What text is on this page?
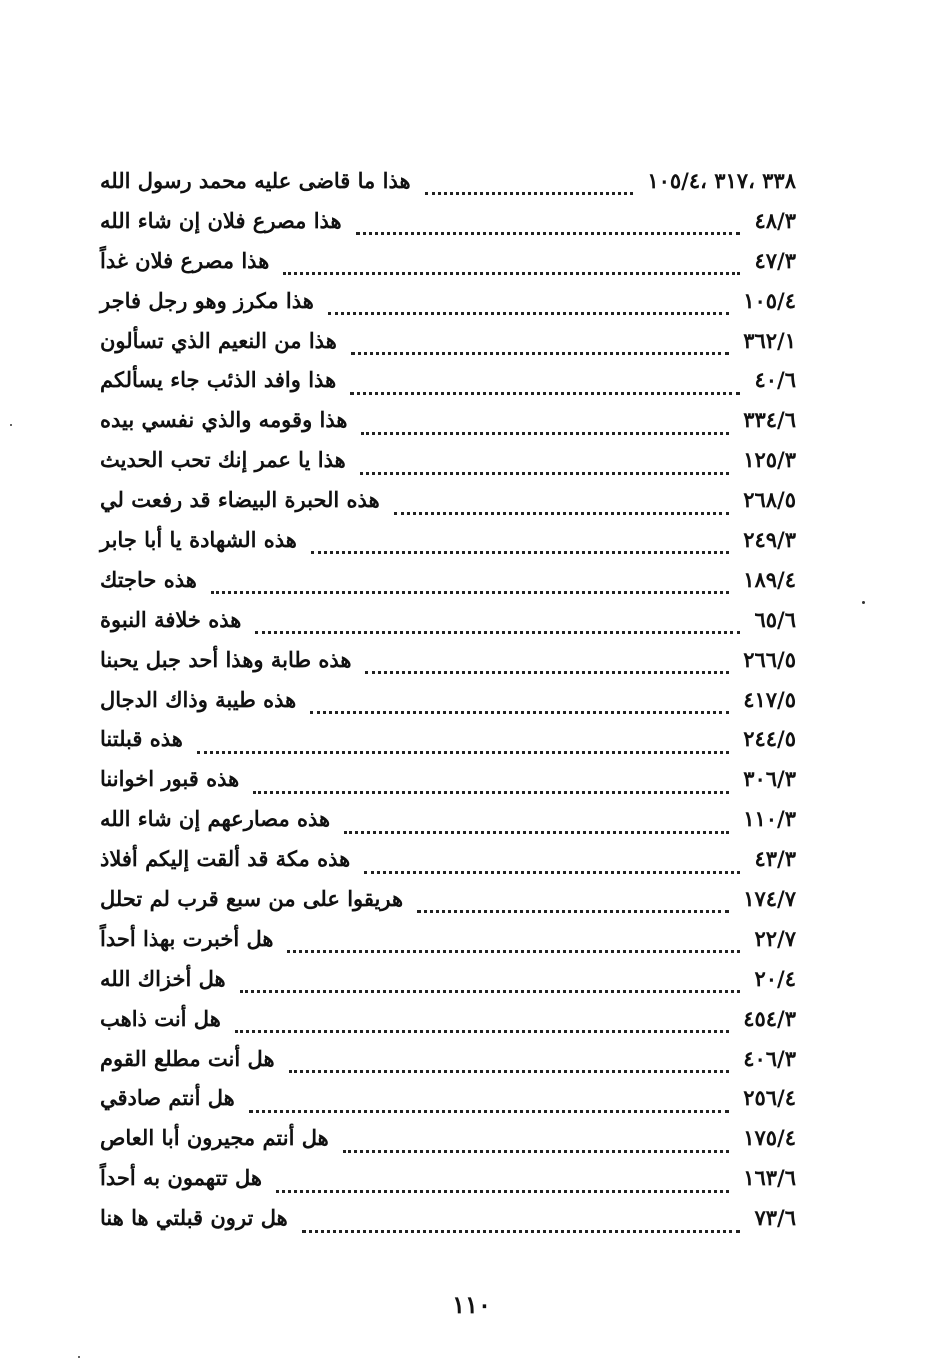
هذا ما قاضى عليه محمد رسول الله	٣٣٨ ،٣١٧ ،١٠٥/٤
هذا مصرع فلان إن شاء الله	٤٨/٣
هذا مصرع فلان غداً	٤٧/٣
هذا مكرز وهو رجل فاجر	١٠٥/٤
هذا من النعيم الذي تسألون	٣٦٢/١
هذا وافد الذئب جاء يسألكم	٤٠/٦
هذا وقومه والذي نفسي بيده	٣٣٤/٦
هذا يا عمر إنك تحب الحديث	١٢٥/٣
هذه الحبرة البيضاء قد رفعت لي	٢٦٨/٥
هذه الشهادة يا أبا جابر	٢٤٩/٣
هذه حاجتك	١٨٩/٤
هذه خلافة النبوة	٦٥/٦
هذه طابة وهذا أحد جبل يحبنا	٢٦٦/٥
هذه طيبة وذاك الدجال	٤١٧/٥
هذه قبلتنا	٢٤٤/٥
هذه قبور اخواننا	٣٠٦/٣
هذه مصارعهم إن شاء الله	١١٠/٣
هذه مكة قد ألقت إليكم أفلاذ	٤٣/٣
هريقوا على من سبع قرب لم تحلل	١٧٤/٧
هل أخبرت بهذا أحداً	٢٢/٧
هل أخزاك الله	٢٠/٤
هل أنت ذاهب	٤٥٤/٣
هل أنت مطلع القوم	٤٠٦/٣
هل أنتم صادقي	٢٥٦/٤
هل أنتم مجيرون أبا العاص	١٧٥/٤
هل تتهمون به أحداً	١٦٣/٦
هل ترون قبلتي ها هنا	٧٣/٦
١١٠
